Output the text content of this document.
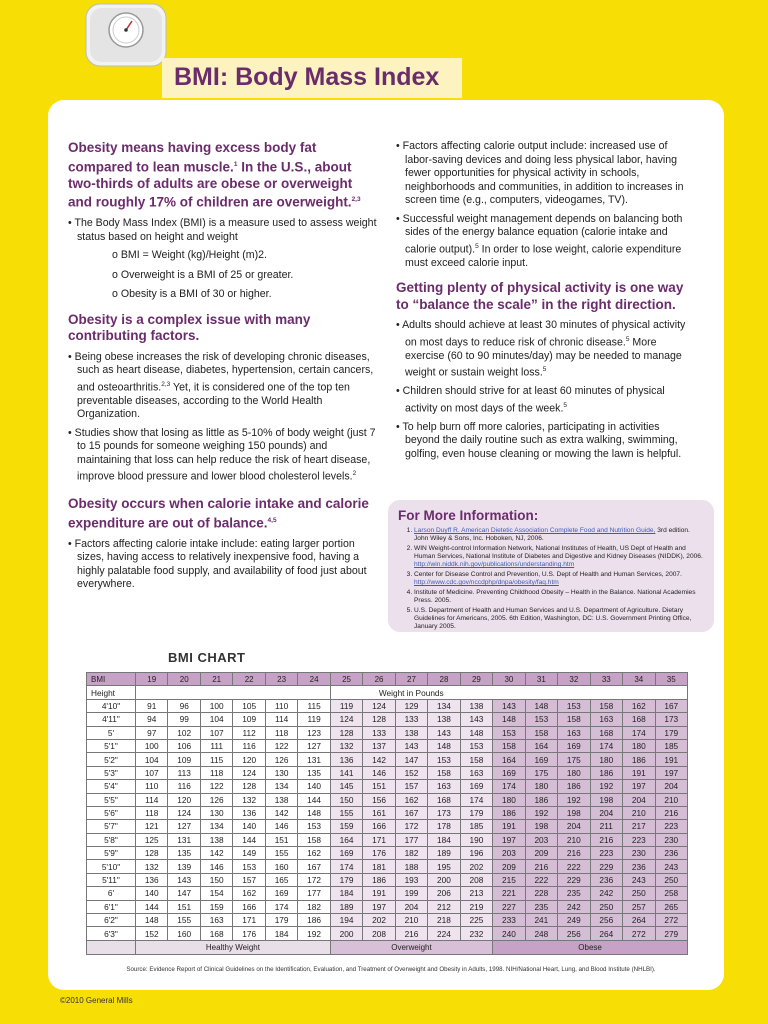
BMI: Body Mass Index
Obesity means having excess body fat compared to lean muscle.$^1$ In the U.S., about two-thirds of adults are obese or overweight and roughly 17% of children are overweight.$^{2,3}$

• The Body Mass Index (BMI) is a measure used to assess weight status based on height and weight

o BMI = Weight (kg)/Height (m)2.

o Overweight is a BMI of 25 or greater.

o Obesity is a BMI of 30 or higher.

Obesity is a complex issue with many contributing factors.

• Being obese increases the risk of developing chronic diseases, such as heart disease, diabetes, hypertension, certain cancers, and osteoarthritis.$^{2,3}$ Yet, it is considered one of the top ten preventable diseases, according to the World Health Organization.

• Studies show that losing as little as 5-10% of body weight (just 7 to 15 pounds for someone weighing 150 pounds) and maintaining that loss can help reduce the risk of heart disease, improve blood pressure and lower blood cholesterol levels.$^2$

Obesity occurs when calorie intake and calorie expenditure are out of balance.$^{4,5}$

• Factors affecting calorie intake include: eating larger portion sizes, having access to relatively inexpensive food, having a highly palatable food supply, and availability of food just about everywhere.

• Factors affecting calorie output include: increased use of labor-saving devices and doing less physical labor, having fewer opportunities for physical activity in schools, neighborhoods and communities, in addition to increases in screen time (e.g., computers, videogames, TV).

• Successful weight management depends on balancing both sides of the energy balance equation (calorie intake and calorie output).$^5$ In order to lose weight, calorie expenditure must exceed calorie input.

Getting plenty of physical activity is one way to “balance the scale” in the right direction.

• Adults should achieve at least 30 minutes of physical activity on most days to reduce risk of chronic disease.$^5$ More exercise (60 to 90 minutes/day) may be needed to manage weight or sustain weight loss.$^5$

• Children should strive for at least 60 minutes of physical activity on most days of the week.$^5$

• To help burn off more calories, participating in activities beyond the daily routine such as extra walking, swimming, golfing, even house cleaning or mowing the lawn is helpful.

For More Information:
1. Larson Duyff R. American Dietetic Association Complete Food and Nutrition Guide, 3rd edition. John Wiley & Sons, Inc. Hoboken, NJ, 2006.
2. WIN Weight-control Information Network, National Institutes of Health, US Dept of Health and Human Services, National Institute of Diabetes and Digestive and Kidney Diseases (NIDDK), 2006. http://win.niddk.nih.gov/publications/understanding.htm
3. Center for Disease Control and Prevention, U.S. Dept of Health and Human Services, 2007. http://www.cdc.gov/nccdphp/dnpa/obesity/faq.htm
4. Institute of Medicine. Preventing Childhood Obesity – Health in the Balance. National Academies Press. 2005.
5. U.S. Department of Health and Human Services and U.S. Department of Agriculture. Dietary Guidelines for Americans, 2005. 6th Edition, Washington, DC: U.S. Government Printing Office, January 2005.
BMI CHART
BMI	19	20	21	22	23	24	25	26	27	28	29	30	31	32	33	34	35
Height							Weight in Pounds										
4'10"	91	96	100	105	110	115	119	124	129	134	138	143	148	153	158	162	167
4'11"	94	99	104	109	114	119	124	128	133	138	143	148	153	158	163	168	173
5'	97	102	107	112	118	123	128	133	138	143	148	153	158	163	168	174	179
5'1"	100	106	111	116	122	127	132	137	143	148	153	158	164	169	174	180	185
5'2"	104	109	115	120	126	131	136	142	147	153	158	164	169	175	180	186	191
5'3"	107	113	118	124	130	135	141	146	152	158	163	169	175	180	186	191	197
5'4"	110	116	122	128	134	140	145	151	157	163	169	174	180	186	192	197	204
5'5"	114	120	126	132	138	144	150	156	162	168	174	180	186	192	198	204	210
5'6"	118	124	130	136	142	148	155	161	167	173	179	186	192	198	204	210	216
5'7"	121	127	134	140	146	153	159	166	172	178	185	191	198	204	211	217	223
5'8"	125	131	138	144	151	158	164	171	177	184	190	197	203	210	216	223	230
5'9"	128	135	142	149	155	162	169	176	182	189	196	203	209	216	223	230	236
5'10"	132	139	146	153	160	167	174	181	188	195	202	209	216	222	229	236	243
5'11"	136	143	150	157	165	172	179	186	193	200	208	215	222	229	236	243	250
6'	140	147	154	162	169	177	184	191	199	206	213	221	228	235	242	250	258
6'1"	144	151	159	166	174	182	189	197	204	212	219	227	235	242	250	257	265
6'2"	148	155	163	171	179	186	194	202	210	218	225	233	241	249	256	264	272
6'3"	152	160	168	176	184	192	200	208	216	224	232	240	248	256	264	272	279
	Healthy Weight						Overweight					Obese					
Source: Evidence Report of Clinical Guidelines on the Identification, Evaluation, and Treatment of Overweight and Obesity in Adults, 1998. NIH/National Heart, Lung, and Blood Institute (NHLBI).
©2010 General Mills
